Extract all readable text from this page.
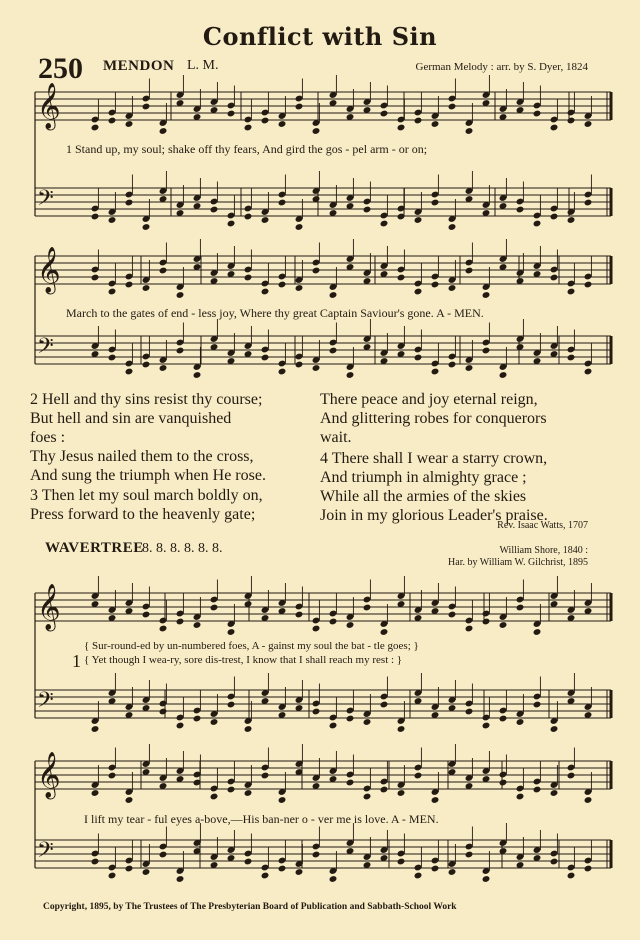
Conflict with Sin
250 MENDON L. M.	German Melody : arr. by S. Dyer, 1824
𝄞
𝄢
𝄞
𝄢
𝄞
𝄢
𝄞
𝄢
1 Stand up, my soul; shake off thy fears, And gird the gos - pel arm - or on;
March to the gates of end - less joy, Where thy great Captain Saviour's gone. A - MEN.
2 Hell and thy sins resist thy course;
But hell and sin are vanquished
foes :
Thy Jesus nailed them to the cross,
And sung the triumph when He rose.
3 Then let my soul march boldly on,
Press forward to the heavenly gate;
There peace and joy eternal reign,
And glittering robes for conquerors
wait.
4 There shall I wear a starry crown,
And triumph in almighty grace ;
While all the armies of the skies
Join in my glorious Leader's praise.
Rev. Isaac Watts, 1707
WAVERTREE
8. 8. 8. 8. 8. 8.	William Shore, 1840 :
Har. by William W. Gilchrist, 1895
1
{ Sur-round-ed by un-numbered foes, A - gainst my soul the bat - tle goes; }
{ Yet though I wea-ry, sore dis-trest, I know that I shall reach my rest : }
I lift my tear - ful eyes a-bove,—His ban-ner o - ver me is love. A - MEN.
Copyright, 1895, by The Trustees of The Presbyterian Board of Publication and Sabbath-School Work
